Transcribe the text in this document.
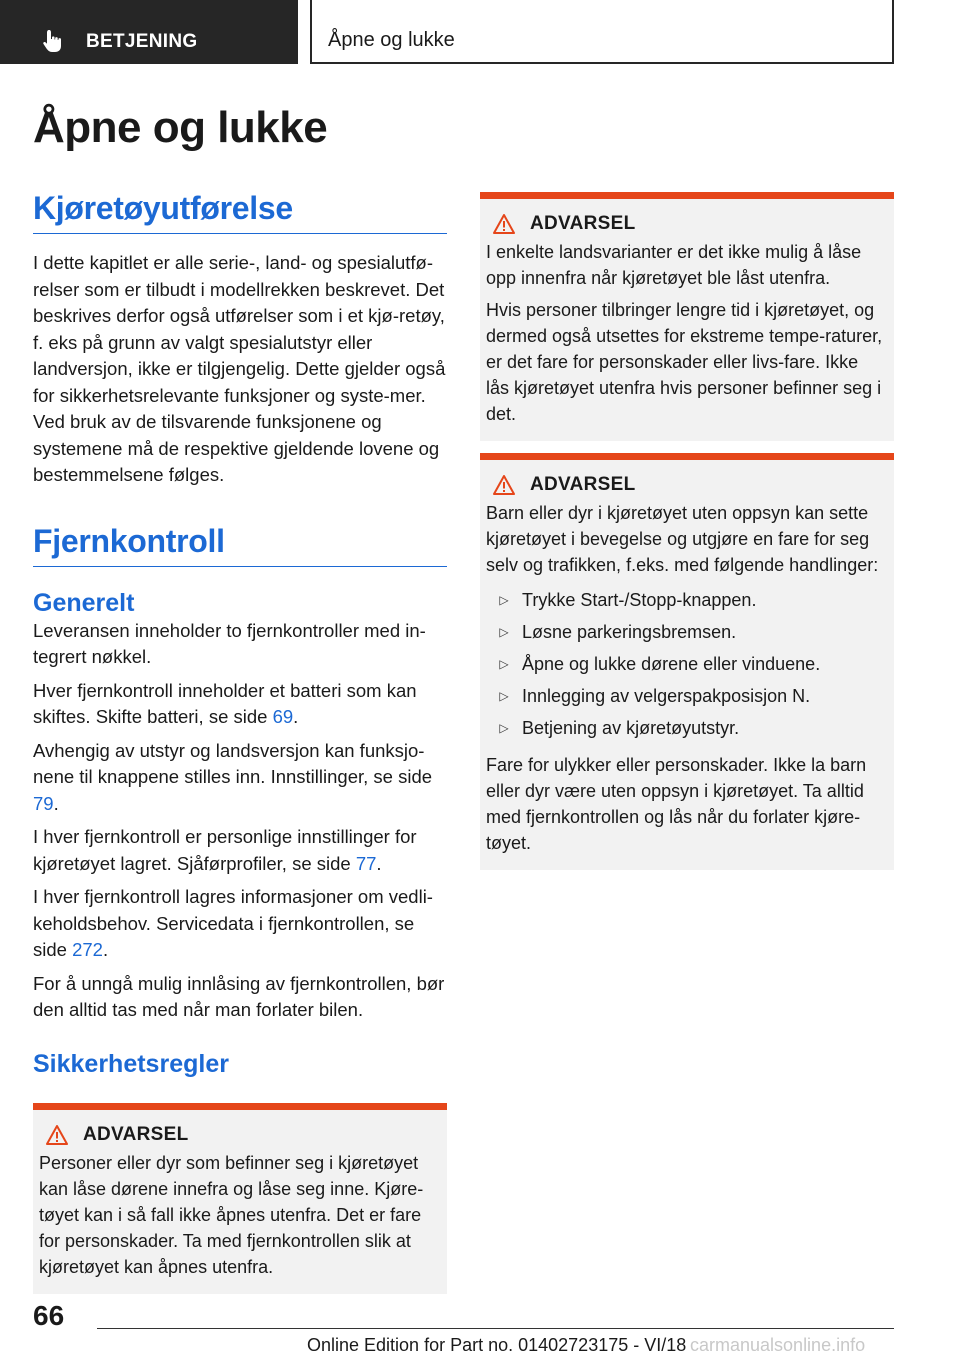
BETJENING	Åpne og lukke
Åpne og lukke
Kjøretøyutførelse

I dette kapitlet er alle serie-, land- og spesialutfø-relser som er tilbudt i modellrekken beskrevet. Det beskrives derfor også utførelser som i et kjø-retøy, f. eks på grunn av valgt spesialutstyr eller landversjon, ikke er tilgjengelig. Dette gjelder også for sikkerhetsrelevante funksjoner og syste-mer. Ved bruk av de tilsvarende funksjonene og systemene må de respektive gjeldende lovene og bestemmelsene følges.

Fjernkontroll
Generelt

Leveransen inneholder to fjernkontroller med in-tegrert nøkkel.

Hver fjernkontroll inneholder et batteri som kan skiftes. Skifte batteri, se side 69.

Avhengig av utstyr og landsversjon kan funksjo-nene til knappene stilles inn. Innstillinger, se side 79.

I hver fjernkontroll er personlige innstillinger for kjøretøyet lagret. Sjåførprofiler, se side 77.

I hver fjernkontroll lagres informasjoner om vedli-keholdsbehov. Servicedata i fjernkontrollen, se side 272.

For å unngå mulig innlåsing av fjernkontrollen, bør den alltid tas med når man forlater bilen.

Sikkerhetsregler
ADVARSEL

Personer eller dyr som befinner seg i kjøretøyet kan låse dørene innefra og låse seg inne. Kjøre-tøyet kan i så fall ikke åpnes utenfra. Det er fare for personskader. Ta med fjernkontrollen slik at kjøretøyet kan åpnes utenfra.

ADVARSEL

I enkelte landsvarianter er det ikke mulig å låse opp innenfra når kjøretøyet ble låst utenfra.

Hvis personer tilbringer lengre tid i kjøretøyet, og dermed også utsettes for ekstreme tempe-raturer, er det fare for personskader eller livs-fare. Ikke lås kjøretøyet utenfra hvis personer befinner seg i det.

ADVARSEL

Barn eller dyr i kjøretøyet uten oppsyn kan sette kjøretøyet i bevegelse og utgjøre en fare for seg selv og trafikken, f.eks. med følgende handlinger:

▷ Trykke Start-/Stopp-knappen.
▷ Løsne parkeringsbremsen.
▷ Åpne og lukke dørene eller vinduene.
▷ Innlegging av velgerspakposisjon N.
▷ Betjening av kjøretøyutstyr.

Fare for ulykker eller personskader. Ikke la barn eller dyr være uten oppsyn i kjøretøyet. Ta alltid med fjernkontrollen og lås når du forlater kjøre-tøyet.

66
Online Edition for Part no. 01402723175 - VI/18 carmanualsonline.info
